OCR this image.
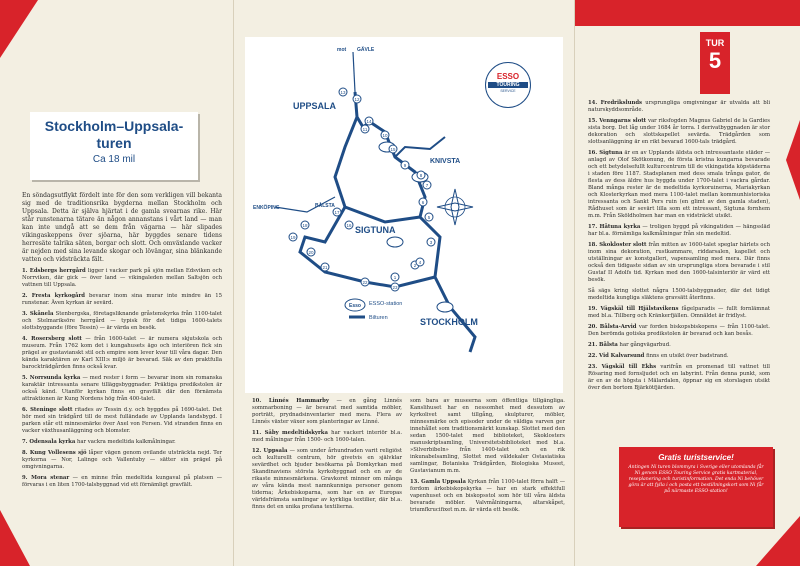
Stockholm–Uppsala-
turen
Ca 18 mil

En söndagsutflykt fördelt inte för den som verkligen vill bekanta sig med de traditionsrika bygderna mellan Stockholm och Uppsala. Detta är själva hjärtat i de gamla svearnas rike. Här står runstenarna tätare än någon annanstans i vårt land — man kan inte undgå att se dem från vägarna — här slipades vikingaskeppens över sjöarna, här byggdes senare tidens herresäte talrika säten, borgar och slott. Och omväxlande vacker är nejden med sina levande skogar och lövängar, sina blänkande vatten och vidsträckta fält.

1. Edsbergs herrgård ligger i vacker park på sjön mellan Edsviken och Norrviken, där gick — över land — vikingaleden mellan Saltsjön och vattnen till Uppsala.

2. Fresta kyrkogård bevarar inom sina murar inte mindre än 15 runstenar. Även kyrkan är sevärd.

3. Skånela Stenbergska, företagsliknande gråstenskyrka från 1100-talet och Stelmariksöre herrgård — typisk för det tidiga 1600-talets slottsbyggande (före Tessin) — är värda en besök.

4. Rosersberg slott — från 1600-talet — är numera skjutskola och museum. Från 1762 kom det i kungahusets ägo och interiören fick sin prägel av gustavianskt stil och empire som lever kvar till våra dagar. Den kända karaktären av Karl XIII:s miljö är bevarad. Säk av den praktfulla barockträdgården finns också kvar.

5. Norrsunda kyrka — med rester i form — bevarar inom sin romanska karaktär intressanta senare tilläggsbyggnader. Präktiga predikstolen är också känd. Utanför kyrkan finns en gravfält där den förnämsta attraktionen är Kung Nordens hög från 400-talet.

6. Steninge slott ritades av Tessin d.y. och byggdes på 1690-talet. Det hör med sin trädgård till de mest fulländade av Upplands landsbygd. I parken står ett minnesmärke över Axel von Fersen. Vid stranden finns en vacker växthusanläggning och blomster.

7. Odensala kyrka har vackra medeltida kalkmålningar.

8. Kung Vollesens sjö låper vägen genom ovilande utsträckta nejd. Ter kyrkorna — Nor, Lalinge och Vallentuby — sätter sin prägel på omgivningarna.

9. Mora stenar — en minne från medeltida kungaval på platsen — förvaras i en liten 1700-talsbyggnad vid ett förnämligt gravfält.

UPPSALA
SIGTUNA
KNIVSTA
STOCKHOLM
BÅLSTA
GÄVLE
ENKÖPING
mot
1
2
3
4
5
6
7
8
9
10
11
12
13
14
15
16
17
18
19
20
21
22
23
Esso ESSO-station
Bilturen
ESSO
TOURING
SERVICE
TUR
5

10. Linnés Hammarby — en gång Linnés sommarboning — är bevarat med samtida möbler, porträtt, prydnadsinventarier med mera. Flera av Linnés växter växer som planteringar av Linné.

11. Säby medeltidskyrka har vackert interiör bl.a. med målningar från 1500- och 1600-talen.

12. Uppsala — som under århundraden varit religiöst och kulturellt centrum, hör givetvis en självklar sevärdhet och bjuder besökarna på Domkyrkan med Skandinaviens största kyrkobyggnad och en av de rikaste minnesmärkena. Gravkoret minner om många av våra kända mest namnkunniga personer genom tiderna; Ärkebiskoparna, som har en av Europas världsfrämsta samlingar av kyrkliga textilier, där bl.a. finns det en unika profana textilierna.

som bara av museerna som öffentliga tillgängliga. Kanslihuset har en nessomhet med dessutom av kyrkolivet samt tillgång, skulpturer, möbler, minnesmärke och episoder under de väldiga varven ger innehållet som traditionsmärkt kunskap. Slottet med den sedan 1500-talet med biblioteket, Skoklosters manuskriptsamling, Universitetsbiblioteket med bl.a. »Silverbibeln» från 1400-talet och en rik inkunabelsamling, Slottet med väldekaler Ostasiatiska samlingar, Botaniska Trädgården, Biologiska Museet, Gustavianum m.m.

13. Gamla Uppsala Kyrkan från 1100-talet förra halft — fordom ärkebiskopskyrka — har en stark effektfull vapenhuset och en biskopsstol som hör till våra äldsta bevarade möbler. Valvmålningarna, altarskåpet, triumfkrucifixet m.m. är värda ett besök.

14. Fredrikslunds ursprungliga omgivningar är utvalda att bli naturskyddsområde.

15. Venngarns slott var riksfogden Magnus Gabriel de la Gardies sista borg. Det låg under 1684 år torra. I derivatbyggnaden är stor dekoration och slottskapellet sevärda. Trädgården som slottsanläggning är en rikt bevarad 1600-tals trädgård.

16. Sigtuna är en av Upplands äldsta och intressantaste städer — anlagd av Olof Skötkonung, de första kristna kungarna bevarade och ett betydelsefullt kulturcentrum till de vikingatida köpstäderna i staden före 1187. Stadsplanen med dess smala trånga gator, de flesta av dess äldre hus byggda under 1700-talet i vackra gårdar. Bland många rester är de medeltida kyrkoruinerna, Mariakyrkan och Klosterkyrkan med mera 1100-talet mellan kommunhistoriska intressanta och Sankt Pers ruin (en glimt av den gamla staden), Rådhuset som är sevärt lilla som ett intressant, Sigtuna fornhem m.m. Från Sköldholmen har man en vidsträckt utsikt.

17. Håtuna kyrka — troligen byggd på vikingatiden — hängssläd har bl.a. förnämliga kalkmålningar från sin medeltid.

18. Skokloster slott från mitten av 1600-talet speglar härlets och inom sina dekoration, rustkammare, riddarsalen, kapellet och utställningar av konstgalleri, vapensamling med mera. Där finns också den tidigaste sidan av sin ursprungliga stora bevarade i stil Gustaf II Adolfs tid. Kyrkan med den 1600-talsinteriör är värd ett besök.

Så sägs kring slottet några 1500-talsbyggnader, där det tidigt medeltida kungliga släktens gravsätt återfinns.

19. Vägskäl till Hjälstavikens fågelparadis — fullt fornlämnat med bl.a. Tillberg och Kränkerfjällen. Omnäldet är fridlyst.

20. Bålsta-Arvid var forden biskopsbiskopens — från 1100-talet. Den berömda gotiska predikstolen är bevarad och kan besås.

21. Bålsta har gångvägarbud.

22. Vid Kalvarsund finns en utsikt över badstrand.

23. Vägskäl till Ekhs varifrån en promenad till vattnet till Rösaring med fornsljudet och en labyrint. Från denna punkt, som är en av de högsta i Mälardalen, öppnar sig en storslagen utsikt över den bortom Bjärkötfjärden.

Gratis turistservice!
Antingen Ni turen blommyra i Sverige eller utomlands får Ni genom ESSO Touring Service gratis kartmaterial, reseplanering och turistinformation. Det enda Ni behöver göra är att fylla i och posta ett bestillningskort som Ni får på närmaste ESSO-station!
